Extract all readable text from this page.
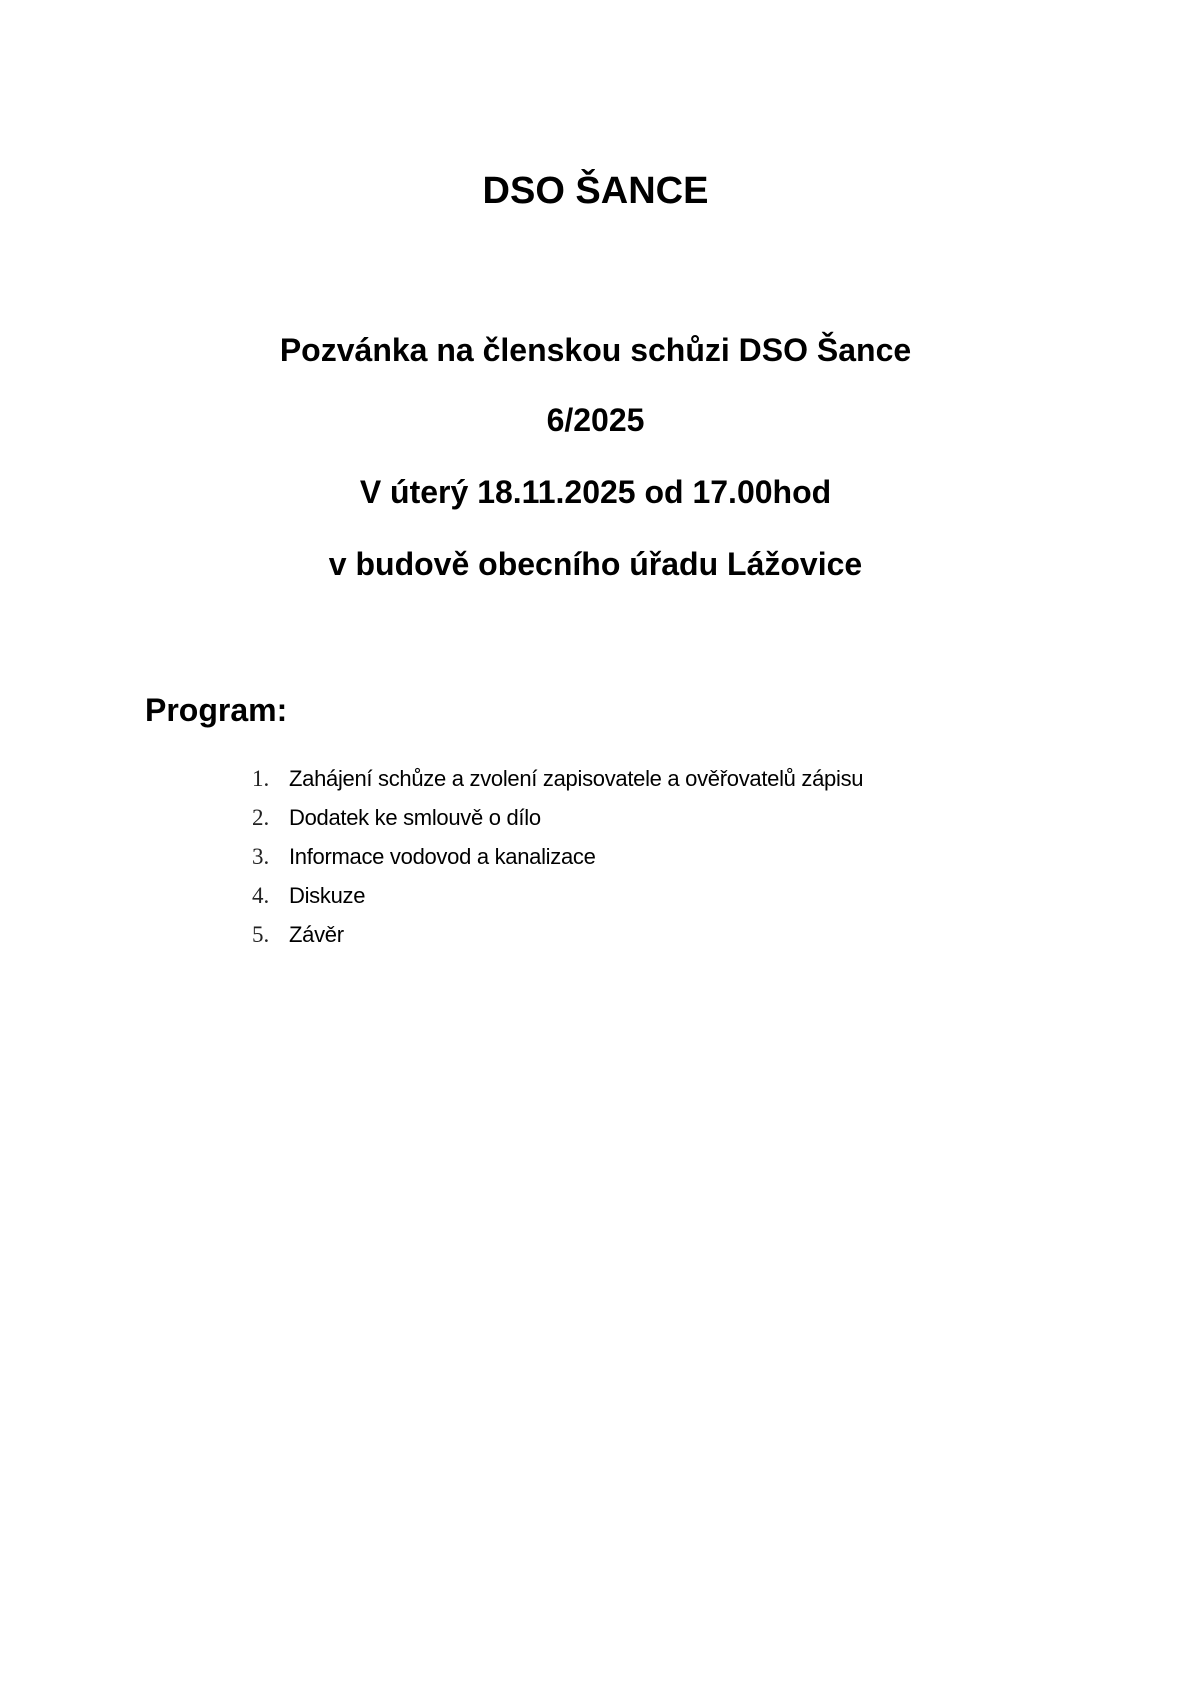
DSO ŠANCE
Pozvánka na členskou schůzi DSO Šance
6/2025
V úterý 18.11.2025 od 17.00hod
v budově obecního úřadu Lážovice
Program:
1. Zahájení schůze a zvolení zapisovatele a ověřovatelů zápisu
2. Dodatek ke smlouvě o dílo
3. Informace vodovod a kanalizace
4. Diskuze
5. Závěr
